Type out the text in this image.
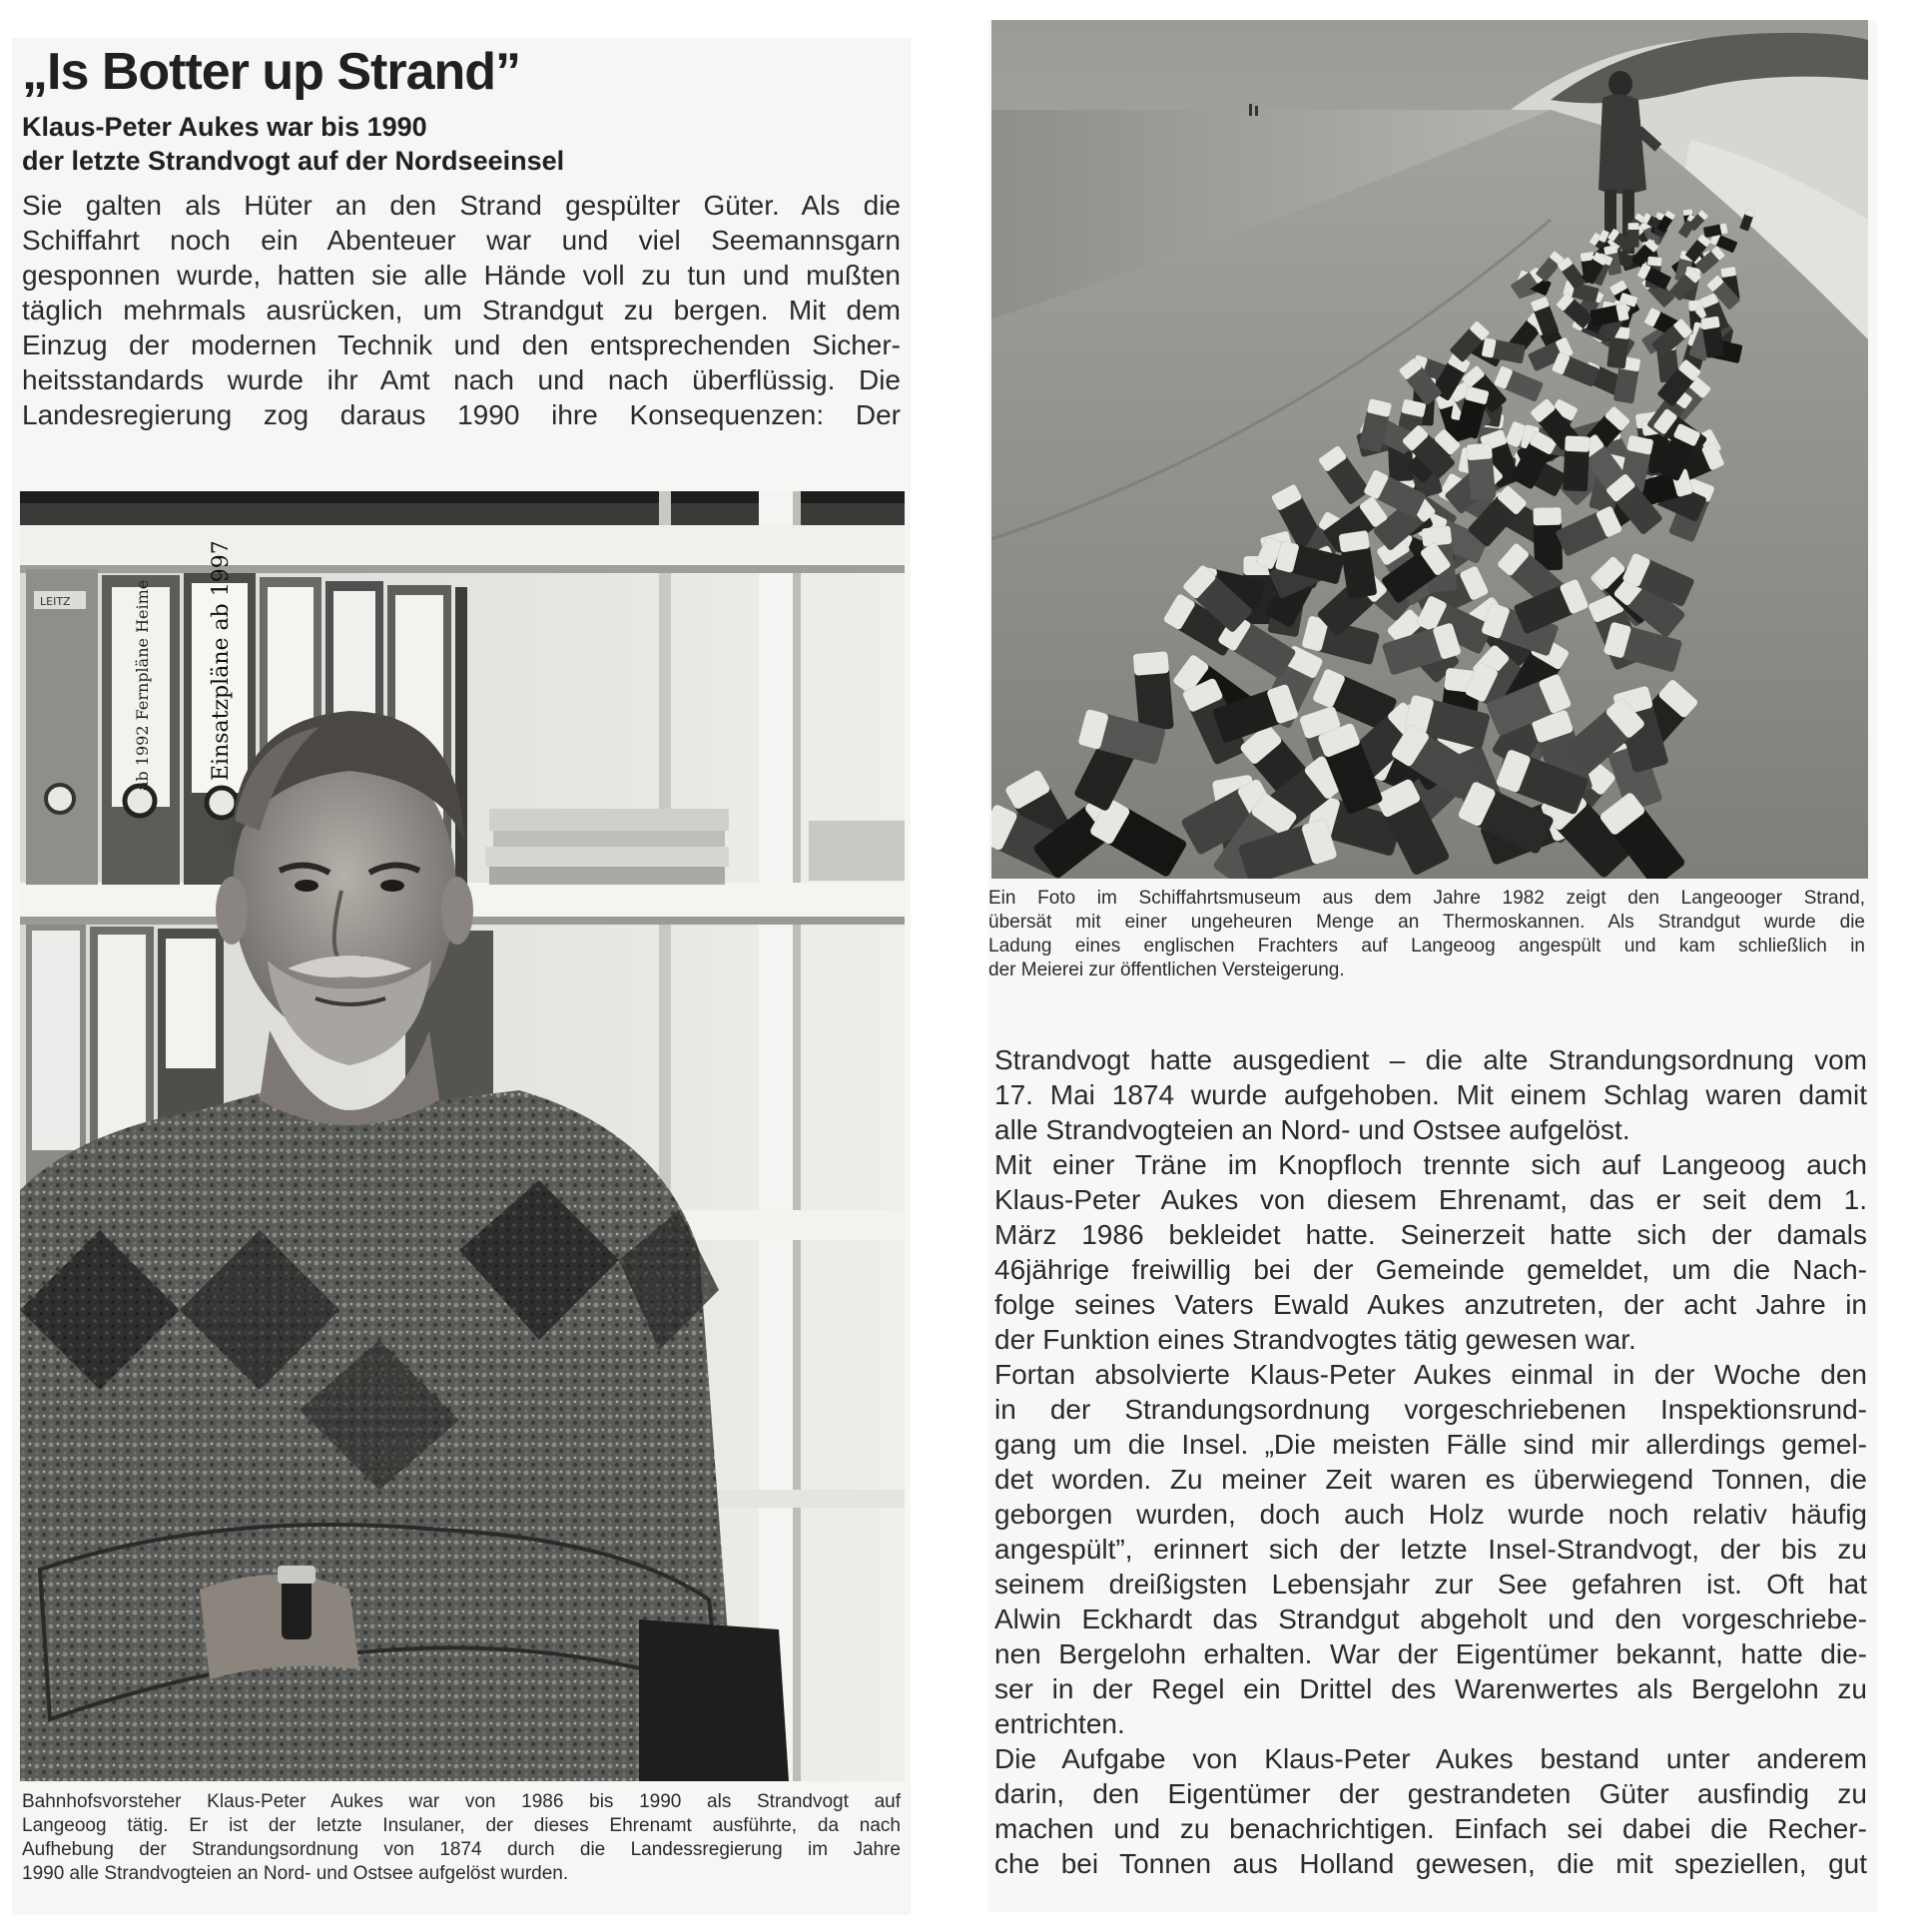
„Is Botter up Strand”
Klaus-Peter Aukes war bis 1990
der letzte Strandvogt auf der Nordseeinsel
Sie galten als Hüter an den Strand gespülter Güter. Als die
Schiffahrt noch ein Abenteuer war und viel Seemannsgarn
gesponnen wurde, hatten sie alle Hände voll zu tun und mußten
täglich mehrmals ausrücken, um Strandgut zu bergen. Mit dem
Einzug der modernen Technik und den entsprechenden Sicher-
heitsstandards wurde ihr Amt nach und nach überflüssig. Die
Landesregierung zog daraus 1990 ihre Konsequenzen: Der
LEITZ	ab 1992 Fernpläne Heime	Einsatzpläne ab 1997
Bahnhofsvorsteher Klaus-Peter Aukes war von 1986 bis 1990 als Strandvogt auf
Langeoog tätig. Er ist der letzte Insulaner, der dieses Ehrenamt ausführte, da nach
Aufhebung der Strandungsordnung von 1874 durch die Landessregierung im Jahre
1990 alle Strandvogteien an Nord- und Ostsee aufgelöst wurden.
Ein Foto im Schiffahrtsmuseum aus dem Jahre 1982 zeigt den Langeooger Strand,
übersät mit einer ungeheuren Menge an Thermoskannen. Als Strandgut wurde die
Ladung eines englischen Frachters auf Langeoog angespült und kam schließlich in
der Meierei zur öffentlichen Versteigerung.
Strandvogt hatte ausgedient – die alte Strandungsordnung vom
17. Mai 1874 wurde aufgehoben. Mit einem Schlag waren damit
alle Strandvogteien an Nord- und Ostsee aufgelöst.
Mit einer Träne im Knopfloch trennte sich auf Langeoog auch
Klaus-Peter Aukes von diesem Ehrenamt, das er seit dem 1.
März 1986 bekleidet hatte. Seinerzeit hatte sich der damals
46jährige freiwillig bei der Gemeinde gemeldet, um die Nach-
folge seines Vaters Ewald Aukes anzutreten, der acht Jahre in
der Funktion eines Strandvogtes tätig gewesen war.
Fortan absolvierte Klaus-Peter Aukes einmal in der Woche den
in der Strandungsordnung vorgeschriebenen Inspektionsrund-
gang um die Insel. „Die meisten Fälle sind mir allerdings gemel-
det worden. Zu meiner Zeit waren es überwiegend Tonnen, die
geborgen wurden, doch auch Holz wurde noch relativ häufig
angespült”, erinnert sich der letzte Insel-Strandvogt, der bis zu
seinem dreißigsten Lebensjahr zur See gefahren ist. Oft hat
Alwin Eckhardt das Strandgut abgeholt und den vorgeschriebe-
nen Bergelohn erhalten. War der Eigentümer bekannt, hatte die-
ser in der Regel ein Drittel des Warenwertes als Bergelohn zu
entrichten.
Die Aufgabe von Klaus-Peter Aukes bestand unter anderem
darin, den Eigentümer der gestrandeten Güter ausfindig zu
machen und zu benachrichtigen. Einfach sei dabei die Recher-
che bei Tonnen aus Holland gewesen, die mit speziellen, gut
